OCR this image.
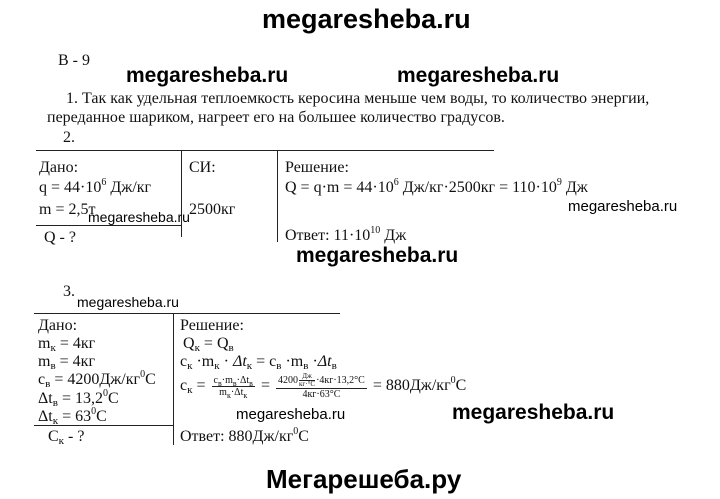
megaresheba.ru
megaresheba.ru	megaresheba.ru
В - 9
1. Так как удельная теплоемкость керосина меньше чем воды, то количество энергии,
переданное шариком, нагреет его на большее количество градусов.
2.
Дано:
$q = 44\cdot 10^6$ Дж/кг
m = 2,5т
megaresheba.ru
Q - ?
СИ:
2500кг
Решение:
$Q = q\cdot m = 44\cdot 10^6$ $Дж/кг\cdot 2500кг = 110\cdot 10^9$ Дж
megaresheba.ru
Ответ: $11\cdot 10^{10}$ Дж
megaresheba.ru
3.
megaresheba.ru
Дано:
$m_к = 4кг$
$m_в = 4кг$
$c_в = 4200Дж/кг^0С$
$\Delta t_в = 13,2^0С$
$\Delta t_к = 63^0С$
$C_к$ - ?
Решение:
$Q_к = Q_в$
$c_к \cdot m_к \cdot \Delta t_к = c_в \cdot m_в \cdot\Delta t_в$
$c_к = \frac{c_в\cdot m_в\cdot\Delta t_в}{m_к\cdot\Delta t_к} = 4200$ Дж
кг·°С ·4кг·13,2°С
$4кг\cdot 63^\circ С = 880Дж/кг^0С$
megaresheba.ru	megaresheba.ru
Ответ: $880Дж/кг^0С$
Мегарешеба.ру
